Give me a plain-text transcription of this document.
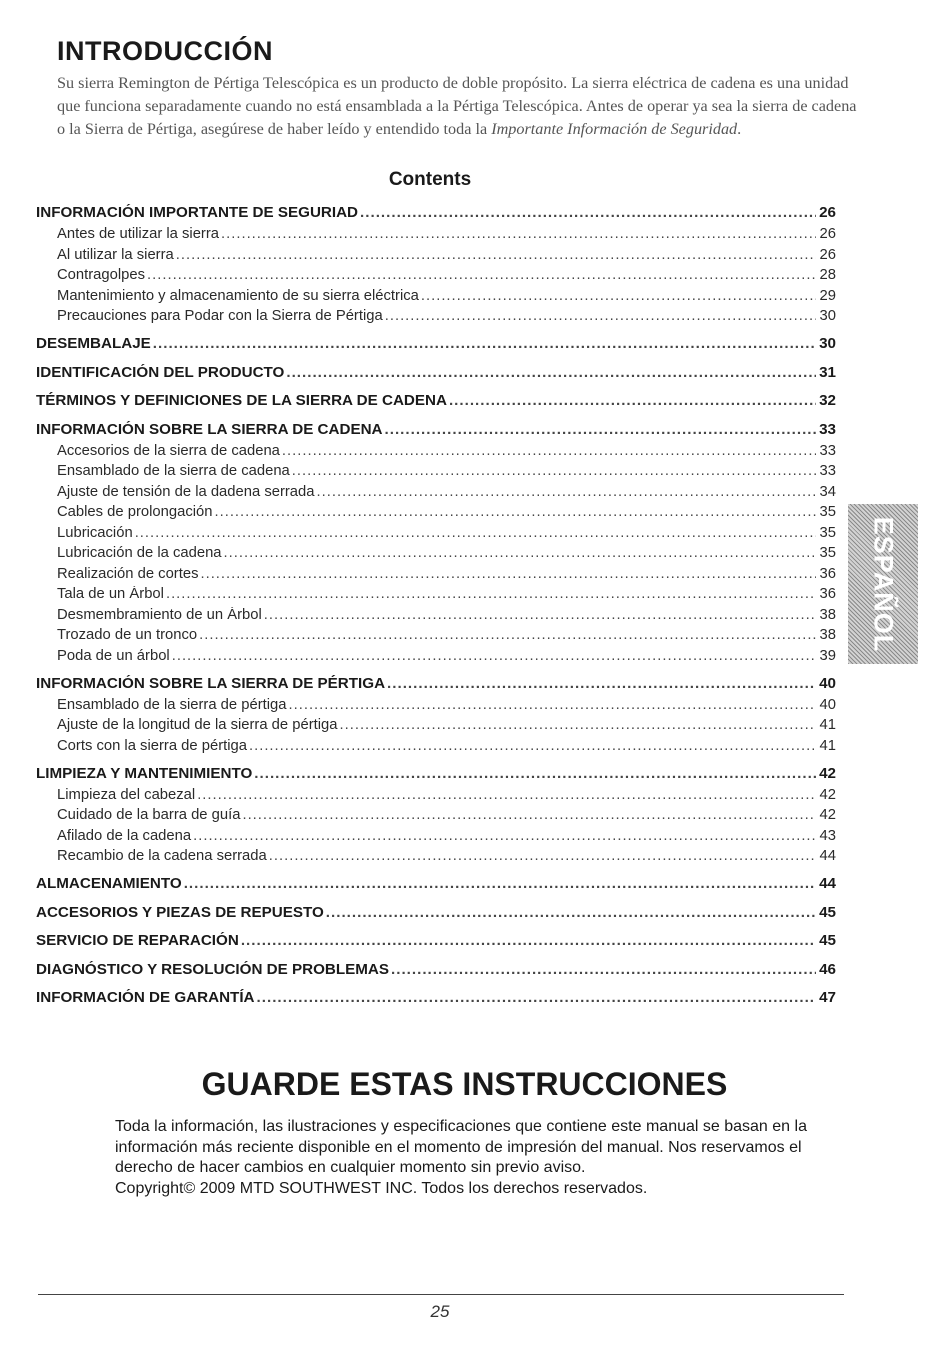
INTRODUCCIÓN

Su sierra Remington de Pértiga Telescópica es un producto de doble propósito. La sierra eléctrica de cadena es una unidad que funciona separadamente cuando no está ensamblada a la Pértiga Telescópica. Antes de operar ya sea la sierra de cadena o la Sierra de Pértiga, asegúrese de haber leído y entendido toda la Importante Información de Seguridad.

Contents
INFORMACIÓN IMPORTANTE DE SEGURIAD .....	26
Antes de utilizar la sierra .....	26
Al utilizar la sierra .....	26
Contragolpes .....	28
Mantenimiento y almacenamiento de su sierra eléctrica .....	29
Precauciones para Podar con la Sierra de Pértiga .....	30
DESEMBALAJE .....	30
IDENTIFICACIÓN DEL PRODUCTO .....	31
TÉRMINOS Y DEFINICIONES DE LA SIERRA DE CADENA .....	32
INFORMACIÓN SOBRE LA SIERRA DE CADENA .....	33
Accesorios de la sierra de cadena .....	33
Ensamblado de la sierra de cadena .....	33
Ajuste de tensión de la dadena serrada .....	34
Cables de prolongación .....	35
Lubricación .....	35
Lubricación de la cadena .....	35
Realización de cortes .....	36
Tala de un Árbol .....	36
Desmembramiento de un Árbol .....	38
Trozado de un tronco .....	38
Poda de un árbol .....	39
INFORMACIÓN SOBRE LA SIERRA DE PÉRTIGA .....	40
Ensamblado de la sierra de pértiga .....	40
Ajuste de la longitud de la sierra de pértiga .....	41
Corts con la sierra de pértiga .....	41
LIMPIEZA Y MANTENIMIENTO .....	42
Limpieza del cabezal .....	42
Cuidado de la barra de guía .....	42
Afilado de la cadena .....	43
Recambio de la cadena serrada .....	44
ALMACENAMIENTO .....	44
ACCESORIOS Y PIEZAS DE REPUESTO .....	45
SERVICIO DE REPARACIÓN .....	45
DIAGNÓSTICO Y RESOLUCIÓN DE PROBLEMAS .....	46
INFORMACIÓN DE GARANTÍA .....	47
ESPAÑOL
GUARDE ESTAS INSTRUCCIONES
Toda la información, las ilustraciones y especificaciones que contiene este manual se basan en la información más reciente disponible en el momento de impresión del manual. Nos reservamos el derecho de hacer cambios en cualquier momento sin previo aviso.
Copyright© 2009 MTD SOUTHWEST INC. Todos los derechos reservados.
25
